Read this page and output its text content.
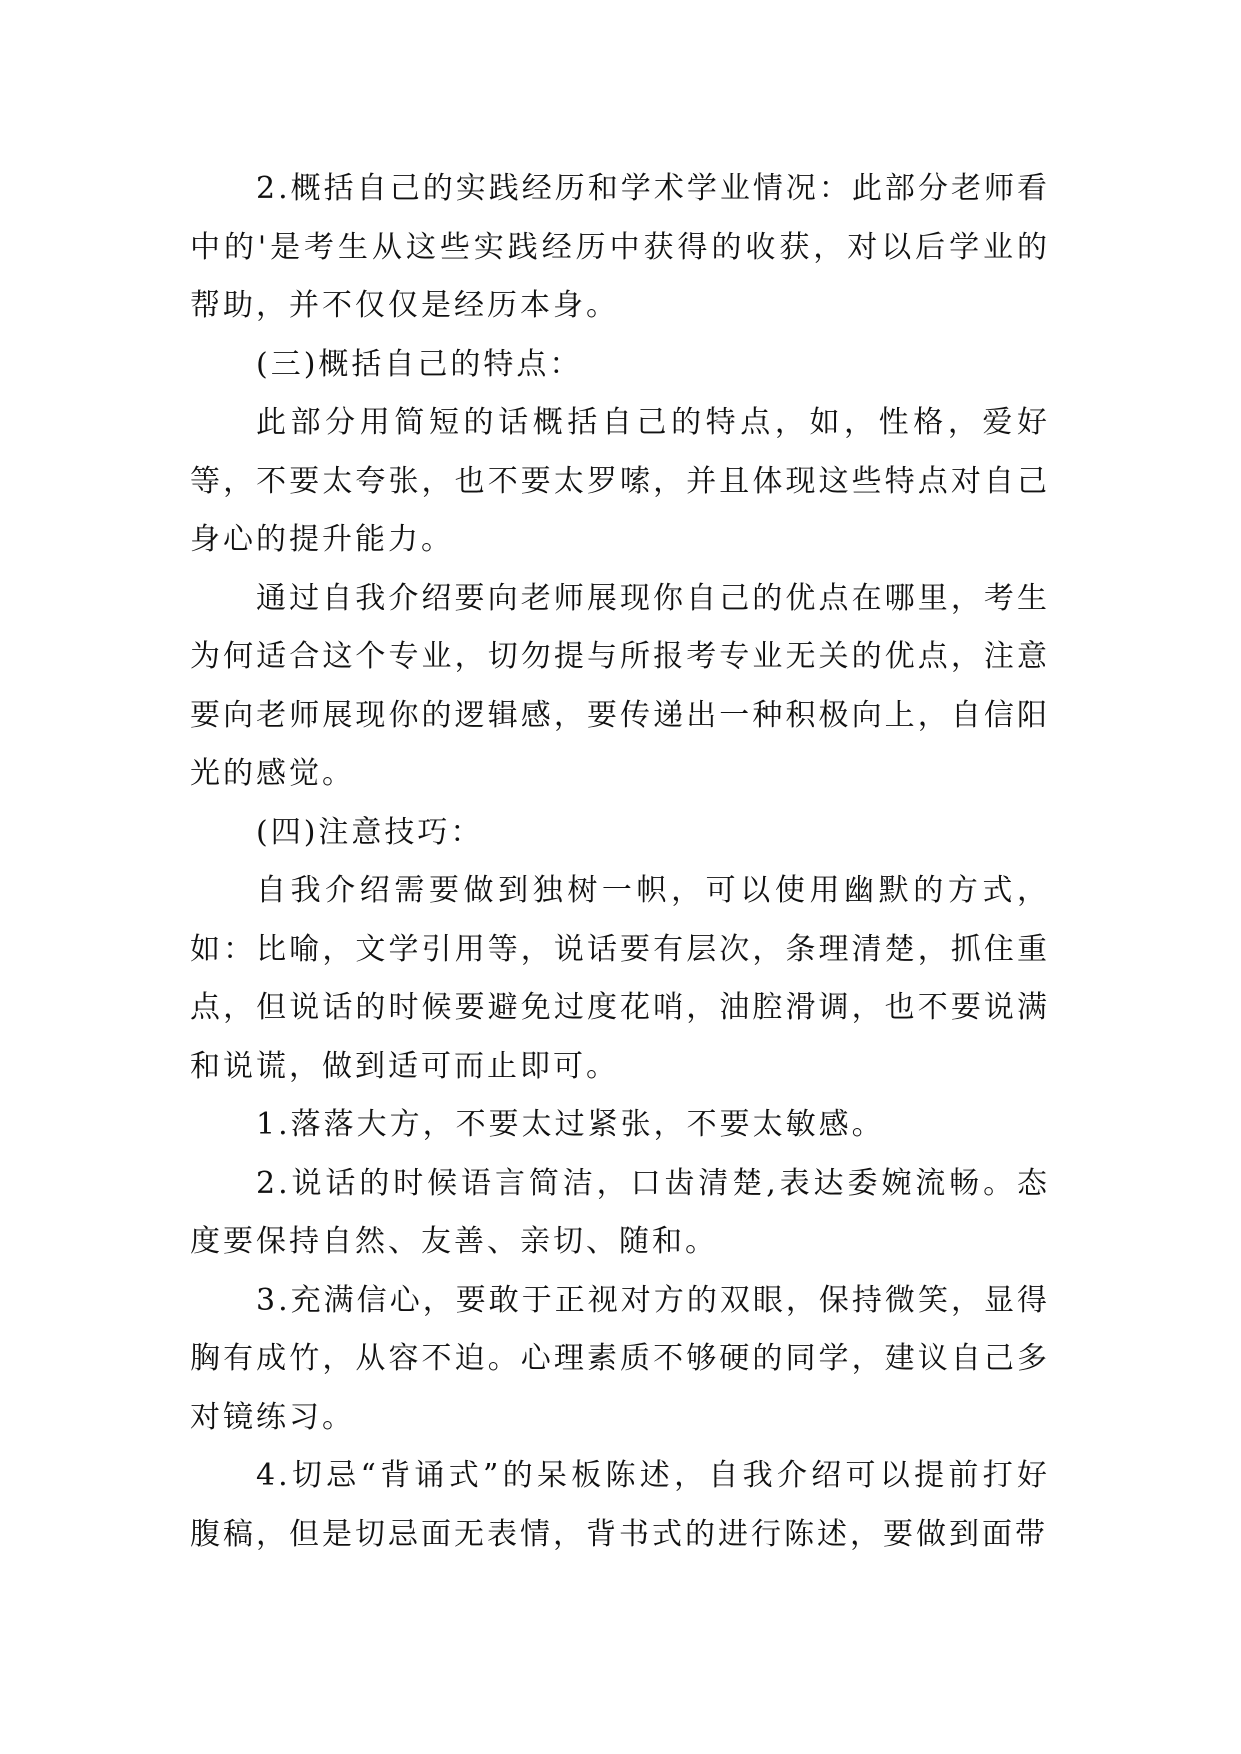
2.概括自己的实践经历和学术学业情况：此部分老师看中的'是考生从这些实践经历中获得的收获，对以后学业的帮助，并不仅仅是经历本身。

(三)概括自己的特点：

此部分用简短的话概括自己的特点，如，性格，爱好等，不要太夸张，也不要太罗嗦，并且体现这些特点对自己身心的提升能力。

通过自我介绍要向老师展现你自己的优点在哪里，考生为何适合这个专业，切勿提与所报考专业无关的优点，注意要向老师展现你的逻辑感，要传递出一种积极向上，自信阳光的感觉。

(四)注意技巧：

自我介绍需要做到独树一帜，可以使用幽默的方式，如：比喻，文学引用等，说话要有层次，条理清楚，抓住重点，但说话的时候要避免过度花哨，油腔滑调，也不要说满和说谎，做到适可而止即可。

1.落落大方，不要太过紧张，不要太敏感。

2.说话的时候语言简洁，口齿清楚,表达委婉流畅。态度要保持自然、友善、亲切、随和。

3.充满信心，要敢于正视对方的双眼，保持微笑，显得胸有成竹，从容不迫。心理素质不够硬的同学，建议自己多对镜练习。

4.切忌“背诵式”的呆板陈述，自我介绍可以提前打好腹稿，但是切忌面无表情，背书式的进行陈述，要做到面带
